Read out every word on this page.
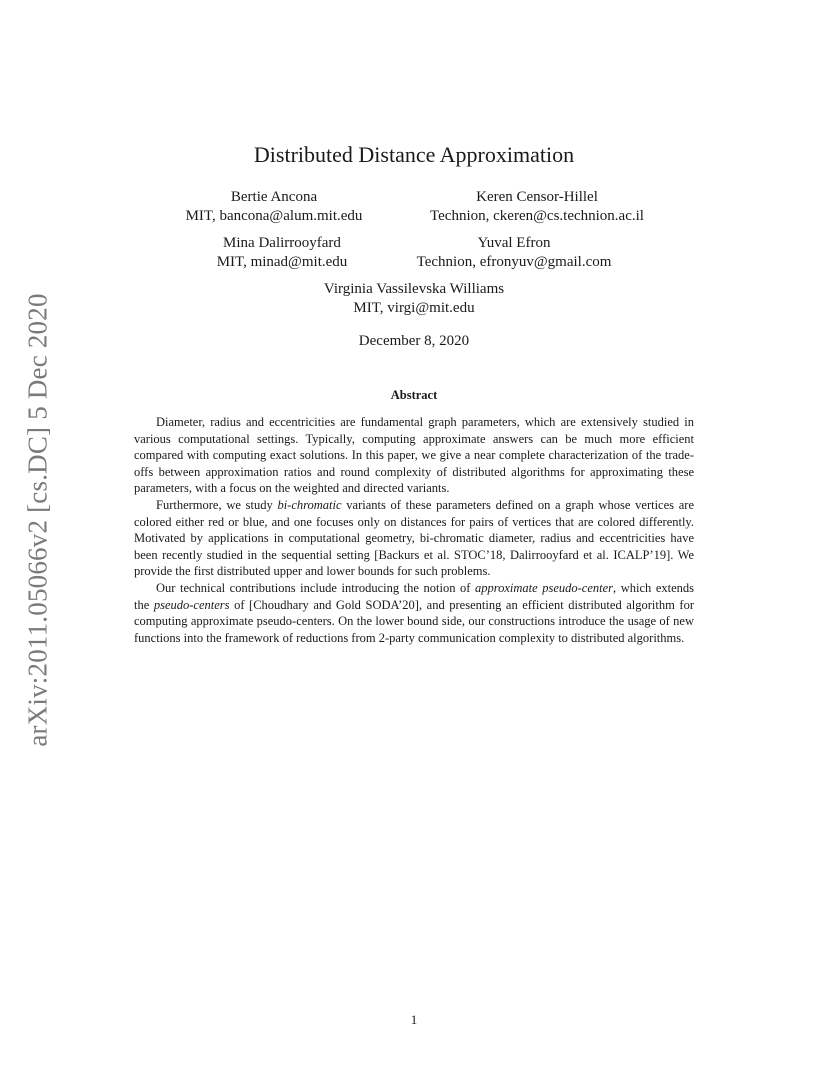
arXiv:2011.05066v2 [cs.DC] 5 Dec 2020
Distributed Distance Approximation
Bertie Ancona
MIT, bancona@alum.mit.edu
Keren Censor-Hillel
Technion, ckeren@cs.technion.ac.il
Mina Dalirrooyfard
MIT, minad@mit.edu
Yuval Efron
Technion, efronyuv@gmail.com
Virginia Vassilevska Williams
MIT, virgi@mit.edu
December 8, 2020
Abstract

Diameter, radius and eccentricities are fundamental graph parameters, which are extensively studied in various computational settings. Typically, computing approximate answers can be much more efficient compared with computing exact solutions. In this paper, we give a near complete characterization of the trade-offs between approximation ratios and round complexity of distributed algorithms for approximating these parameters, with a focus on the weighted and directed variants.

Furthermore, we study bi-chromatic variants of these parameters defined on a graph whose vertices are colored either red or blue, and one focuses only on distances for pairs of vertices that are colored differently. Motivated by applications in computational geometry, bi-chromatic diameter, radius and eccentricities have been recently studied in the sequential setting [Backurs et al. STOC’18, Dalirrooyfard et al. ICALP’19]. We provide the first distributed upper and lower bounds for such problems.

Our technical contributions include introducing the notion of approximate pseudo-center, which extends the pseudo-centers of [Choudhary and Gold SODA’20], and presenting an efficient distributed algorithm for computing approximate pseudo-centers. On the lower bound side, our constructions introduce the usage of new functions into the framework of reductions from 2-party communication complexity to distributed algorithms.

1
